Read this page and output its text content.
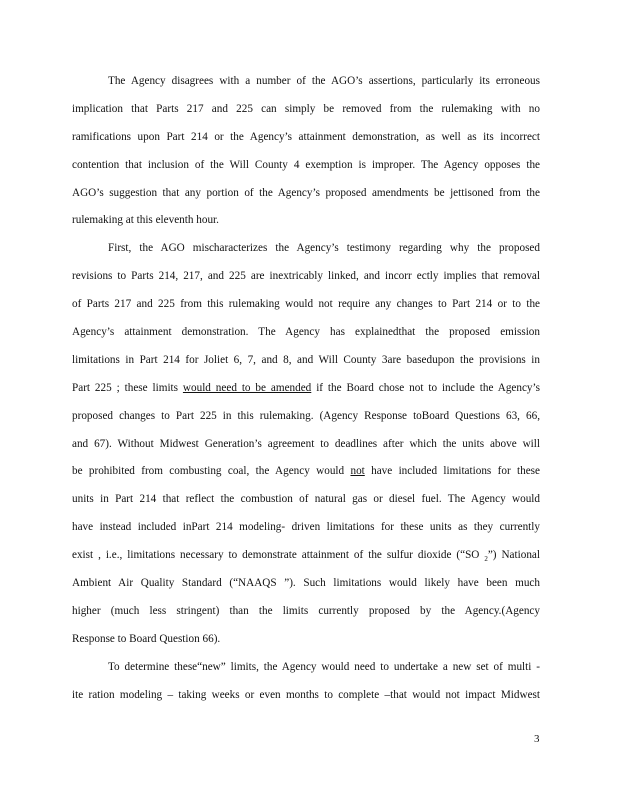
The Agency disagrees with a number of the AGO’s assertions, particularly its erroneous
implication that Parts 217 and 225 can simply be removed from the rulemaking with no
ramifications upon Part 214 or the Agency’s attainment demonstration, as well as its incorrect
contention that inclusion of the Will County 4 exemption is improper. The Agency opposes the
AGO’s suggestion that any portion of the Agency’s proposed amendments be jettisoned from the
rulemaking at this eleventh hour.
First, the AGO mischaracterizes the Agency’s testimony regarding why the proposed
revisions to Parts 214, 217, and 225 are inextricably linked, and incorr ectly implies that removal
of Parts 217 and 225 from this rulemaking would not require any changes to Part 214 or to the
Agency’s attainment demonstration. The Agency has explainedthat the proposed emission
limitations in Part 214 for Joliet 6, 7, and 8, and Will County 3are basedupon the provisions in
Part 225 ; these limits would need to be amended if the Board chose not to include the Agency’s
proposed changes to Part 225 in this rulemaking. (Agency Response toBoard Questions 63, 66,
and 67). Without Midwest Generation’s agreement to deadlines after which the units above will
be prohibited from combusting coal, the Agency would not have included limitations for these
units in Part 214 that reflect the combustion of natural gas or diesel fuel. The Agency would
have instead included inPart 214 modeling- driven limitations for these units as they currently
exist , i.e., limitations necessary to demonstrate attainment of the sulfur dioxide (“SO $_2$”) National
Ambient Air Quality Standard (“NAAQS ”). Such limitations would likely have been much
higher (much less stringent) than the limits currently proposed by the Agency.(Agency
Response to Board Question 66).
To determine these“new” limits, the Agency would need to undertake a new set of multi -
ite ration modeling – taking weeks or even months to complete –that would not impact Midwest
3
